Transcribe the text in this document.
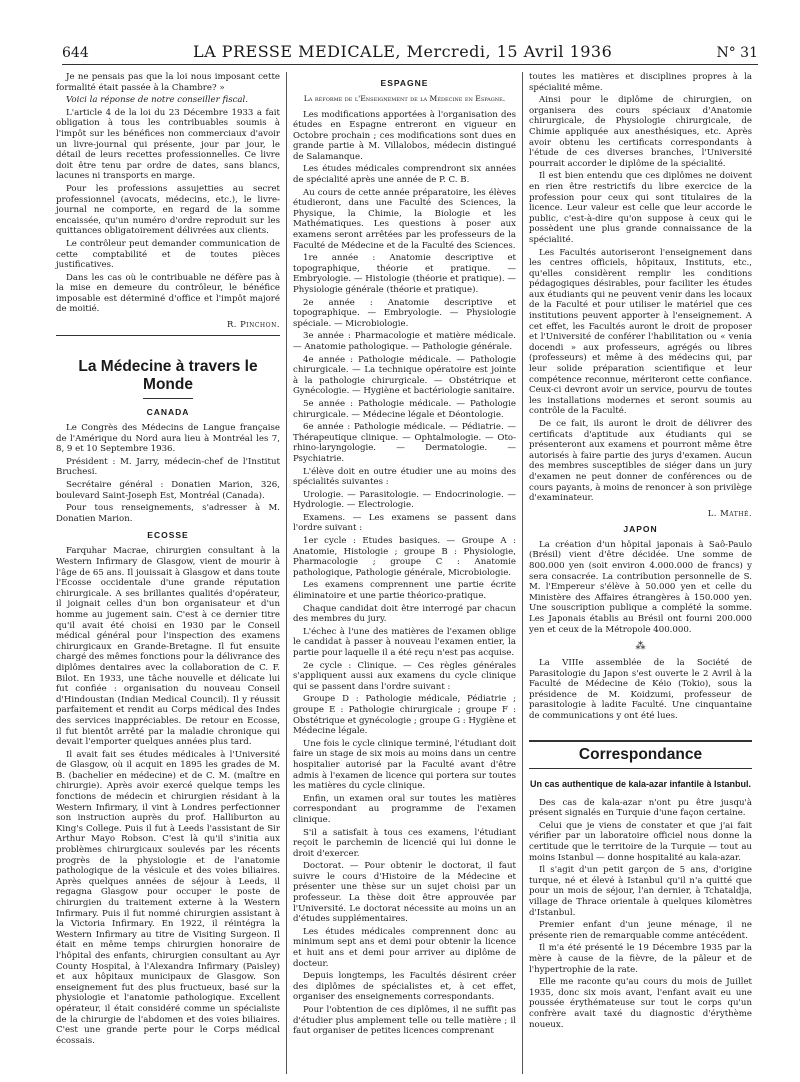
644	LA PRESSE MEDICALE, Mercredi, 15 Avril 1936	N° 31

Je ne pensais pas que la loi nous imposant cette formalité était passée à la Chambre? »

Voici la réponse de notre conseiller fiscal.

L'article 4 de la loi du 23 Décembre 1933 a fait obligation à tous les contribuables soumis à l'impôt sur les bénéfices non commerciaux d'avoir un livre-journal qui présente, jour par jour, le détail de leurs recettes professionnelles. Ce livre doit être tenu par ordre de dates, sans blancs, lacunes ni transports en marge.

Pour les professions assujetties au secret professionnel (avocats, médecins, etc.), le livre-journal ne comporte, en regard de la somme encaissée, qu'un numéro d'ordre reproduit sur les quittances obligatoirement délivrées aux clients.

Le contrôleur peut demander communication de cette comptabilité et de toutes pièces justificatives.

Dans les cas où le contribuable ne défère pas à la mise en demeure du contrôleur, le bénéfice imposable est déterminé d'office et l'impôt majoré de moitié.

R. Pinchon.
La Médecine à travers le Monde
CANADA

Le Congrès des Médecins de Langue française de l'Amérique du Nord aura lieu à Montréal les 7, 8, 9 et 10 Septembre 1936.

Président : M. Jarry, médecin-chef de l'Institut Bruchesi.

Secrétaire général : Donatien Marion, 326, boulevard Saint-Joseph Est, Montréal (Canada).

Pour tous renseignements, s'adresser à M. Donatien Marion.

ECOSSE

Farquhar Macrae, chirurgien consultant à la Western Infirmary de Glasgow, vient de mourir à l'âge de 65 ans. Il jouissait à Glasgow et dans toute l'Ecosse occidentale d'une grande réputation chirurgicale. A ses brillantes qualités d'opérateur, il joignait celles d'un bon organisateur et d'un homme au jugement sain. C'est à ce dernier titre qu'il avait été choisi en 1930 par le Conseil médical général pour l'inspection des examens chirurgicaux en Grande-Bretagne. Il fut ensuite chargé des mêmes fonctions pour la délivrance des diplômes dentaires avec la collaboration de C. F. Bilot. En 1933, une tâche nouvelle et délicate lui fut confiée : organisation du nouveau Conseil d'Hindoustan (Indian Medical Council). Il y réussit parfaitement et rendit au Corps médical des Indes des services inappréciables. De retour en Ecosse, il fut bientôt arrêté par la maladie chronique qui devait l'emporter quelques années plus tard.

Il avait fait ses études médicales à l'Université de Glasgow, où il acquit en 1895 les grades de M. B. (bachelier en médecine) et de C. M. (maître en chirurgie). Après avoir exercé quelque temps les fonctions de médecin et chirurgien résidant à la Western Infirmary, il vint à Londres perfectionner son instruction auprès du prof. Halliburton au King's College. Puis il fut à Leeds l'assistant de Sir Arthur Mayo Robson. C'est là qu'il s'initia aux problèmes chirurgicaux soulevés par les récents progrès de la physiologie et de l'anatomie pathologique de la vésicule et des voies biliaires. Après quelques années de séjour à Leeds, il regagna Glasgow pour occuper le poste de chirurgien du traitement externe à la Western Infirmary. Puis il fut nommé chirurgien assistant à la Victoria Infirmary. En 1922, il réintégra la Western Infirmary au titre de Visiting Surgeon. Il était en même temps chirurgien honoraire de l'hôpital des enfants, chirurgien consultant au Ayr County Hospital, à l'Alexandra Infirmary (Paisley) et aux hôpitaux municipaux de Glasgow. Son enseignement fut des plus fructueux, basé sur la physiologie et l'anatomie pathologique. Excellent opérateur, il était considéré comme un spécialiste de la chirurgie de l'abdomen et des voies biliaires. C'est une grande perte pour le Corps médical écossais.

ESPAGNE
La réforme de l'Enseignement de la Médecine en Espagne.

Les modifications apportées à l'organisation des études en Espagne entreront en vigueur en Octobre prochain ; ces modifications sont dues en grande partie à M. Villalobos, médecin distingué de Salamanque.

Les études médicales comprendront six années de spécialité après une année de P. C. B.

Au cours de cette année préparatoire, les élèves étudieront, dans une Faculté des Sciences, la Physique, la Chimie, la Biologie et les Mathématiques. Les questions à poser aux examens seront arrêtées par les professeurs de la Faculté de Médecine et de la Faculté des Sciences.

1re année : Anatomie descriptive et topographique, théorie et pratique. — Embryologie. — Histologie (théorie et pratique). — Physiologie générale (théorie et pratique).

2e année : Anatomie descriptive et topographique. — Embryologie. — Physiologie spéciale. — Microbiologie.

3e année : Pharmacologie et matière médicale. — Anatomie pathologique. — Pathologie générale.

4e année : Pathologie médicale. — Pathologie chirurgicale. — La technique opératoire est jointe à la pathologie chirurgicale. — Obstétrique et Gynécologie. — Hygiène et bactériologie sanitaire.

5e année : Pathologie médicale. — Pathologie chirurgicale. — Médecine légale et Déontologie.

6e année : Pathologie médicale. — Pédiatrie. — Thérapeutique clinique. — Ophtalmologie. — Oto-rhino-laryngologie. — Dermatologie. — Psychiatrie.

L'élève doit en outre étudier une au moins des spécialités suivantes :

Urologie. — Parasitologie. — Endocrinologie. — Hydrologie. — Electrologie.

Examens. — Les examens se passent dans l'ordre suivant :

1er cycle : Etudes basiques. — Groupe A : Anatomie, Histologie ; groupe B : Physiologie, Pharmacologie ; groupe C : Anatomie pathologique, Pathologie générale, Microbiologie.

Les examens comprennent une partie écrite éliminatoire et une partie théorico-pratique.

Chaque candidat doit être interrogé par chacun des membres du jury.

L'échec à l'une des matières de l'examen oblige le candidat à passer à nouveau l'examen entier, la partie pour laquelle il a été reçu n'est pas acquise.

2e cycle : Clinique. — Ces règles générales s'appliquent aussi aux examens du cycle clinique qui se passent dans l'ordre suivant :

Groupe D : Pathologie médicale, Pédiatrie ; groupe E : Pathologie chirurgicale ; groupe F : Obstétrique et gynécologie ; groupe G : Hygiène et Médecine légale.

Une fois le cycle clinique terminé, l'étudiant doit faire un stage de six mois au moins dans un centre hospitalier autorisé par la Faculté avant d'être admis à l'examen de licence qui portera sur toutes les matières du cycle clinique.

Enfin, un examen oral sur toutes les matières correspondant au programme de l'examen clinique.

S'il a satisfait à tous ces examens, l'étudiant reçoit le parchemin de licencié qui lui donne le droit d'exercer.

Doctorat. — Pour obtenir le doctorat, il faut suivre le cours d'Histoire de la Médecine et présenter une thèse sur un sujet choisi par un professeur. La thèse doit être approuvée par l'Université. Le doctorat nécessite au moins un an d'études supplémentaires.

Les études médicales comprennent donc au minimum sept ans et demi pour obtenir la licence et huit ans et demi pour arriver au diplôme de docteur.

Depuis longtemps, les Facultés désirent créer des diplômes de spécialistes et, à cet effet, organiser des enseignements correspondants.

Pour l'obtention de ces diplômes, il ne suffit pas d'étudier plus amplement telle ou telle matière ; il faut organiser de petites licences comprenant

toutes les matières et disciplines propres à la spécialité même.

Ainsi pour le diplôme de chirurgien, on organisera des cours spéciaux d'Anatomie chirurgicale, de Physiologie chirurgicale, de Chimie appliquée aux anesthésiques, etc. Après avoir obtenu les certificats correspondants à l'étude de ces diverses branches, l'Université pourrait accorder le diplôme de la spécialité.

Il est bien entendu que ces diplômes ne doivent en rien être restrictifs du libre exercice de la profession pour ceux qui sont titulaires de la licence. Leur valeur est celle que leur accorde le public, c'est-à-dire qu'on suppose à ceux qui le possèdent une plus grande connaissance de la spécialité.

Les Facultés autoriseront l'enseignement dans les centres officiels, hôpitaux, Instituts, etc., qu'elles considèrent remplir les conditions pédagogiques désirables, pour faciliter les études aux étudiants qui ne peuvent venir dans les locaux de la Faculté et pour utiliser le matériel que ces institutions peuvent apporter à l'enseignement. A cet effet, les Facultés auront le droit de proposer et l'Université de conférer l'habilitation ou « venia docendi » aux professeurs, agrégés ou libres (professeurs) et même à des médecins qui, par leur solide préparation scientifique et leur compétence reconnue, mériteront cette confiance. Ceux-ci devront avoir un service, pourvu de toutes les installations modernes et seront soumis au contrôle de la Faculté.

De ce fait, ils auront le droit de délivrer des certificats d'aptitude aux étudiants qui se présenteront aux examens et pourront même être autorisés à faire partie des jurys d'examen. Aucun des membres susceptibles de siéger dans un jury d'examen ne peut donner de conférences ou de cours payants, à moins de renoncer à son privilège d'examinateur.

L. Mathé.
JAPON

La création d'un hôpital japonais à Saô-Paulo (Brésil) vient d'être décidée. Une somme de 800.000 yen (soit environ 4.000.000 de francs) y sera consacrée. La contribution personnelle de S. M. l'Empereur s'élève à 50.000 yen et celle du Ministère des Affaires étrangères à 150.000 yen. Une souscription publique a complété la somme. Les Japonais établis au Brésil ont fourni 200.000 yen et ceux de la Métropole 400.000.

⁂

La VIIIe assemblée de la Société de Parasitologie du Japon s'est ouverte le 2 Avril à la Faculté de Médecine de Kéio (Tokio), sous la présidence de M. Koidzumi, professeur de parasitologie à ladite Faculté. Une cinquantaine de communications y ont été lues.

Correspondance
Un cas authentique de kala-azar infantile à Istanbul.

Des cas de kala-azar n'ont pu être jusqu'à présent signalés en Turquie d'une façon certaine.

Celui que je viens de constater et que j'ai fait vérifier par un laboratoire officiel nous donne la certitude que le territoire de la Turquie — tout au moins Istanbul — donne hospitalité au kala-azar.

Il s'agit d'un petit garçon de 5 ans, d'origine turque, né et élevé à Istanbul qu'il n'a quitté que pour un mois de séjour, l'an dernier, à Tchataldja, village de Thrace orientale à quelques kilomètres d'Istanbul.

Premier enfant d'un jeune ménage, il ne présente rien de remarquable comme antécédent.

Il m'a été présenté le 19 Décembre 1935 par la mère à cause de la fièvre, de la pâleur et de l'hypertrophie de la rate.

Elle me raconte qu'au cours du mois de Juillet 1935, donc six mois avant, l'enfant avait eu une poussée érythémateuse sur tout le corps qu'un confrère avait taxé du diagnostic d'érythème noueux.
